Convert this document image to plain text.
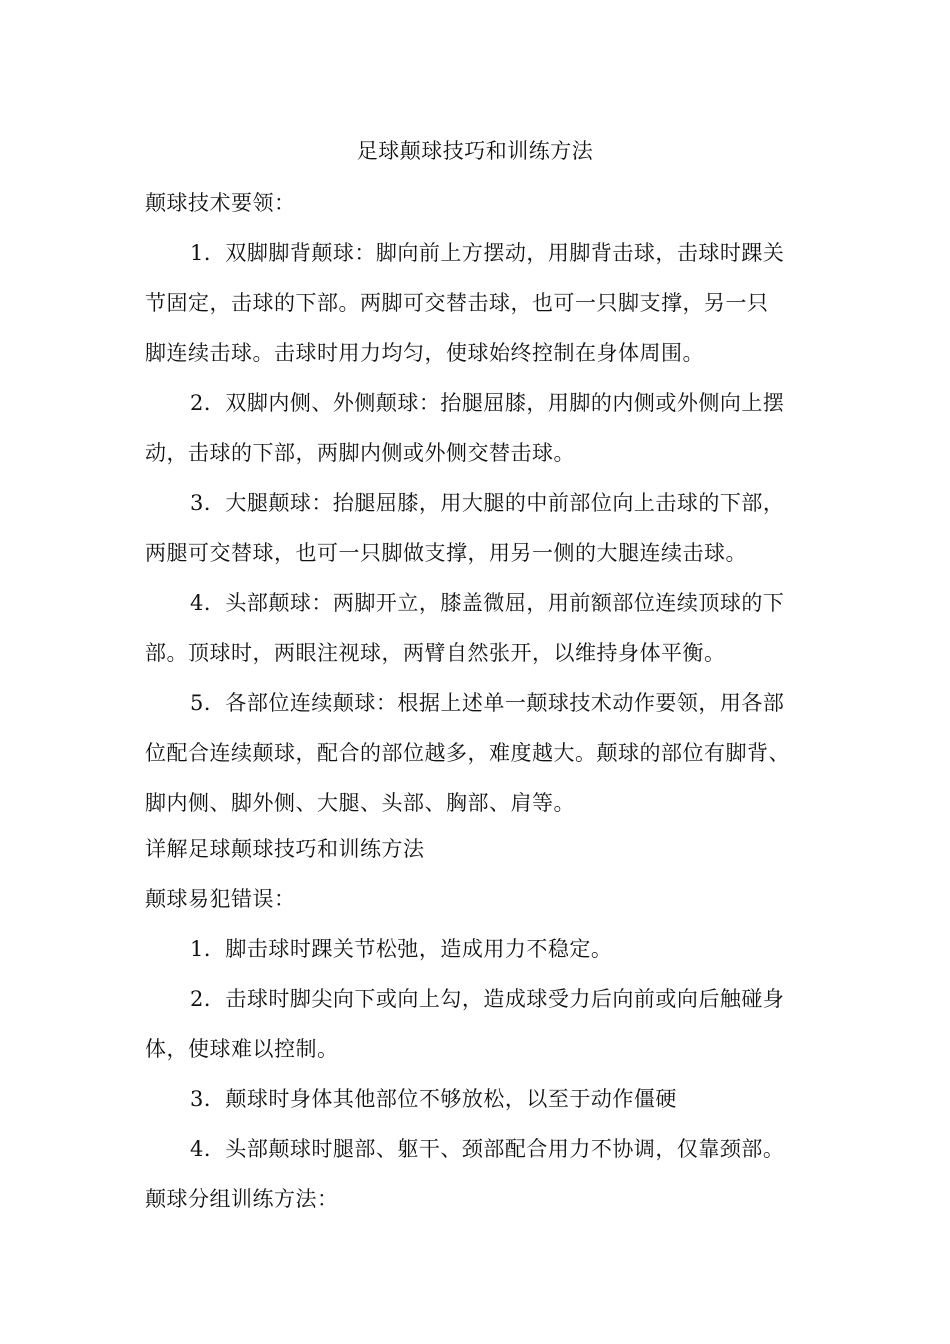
足球颠球技巧和训练方法
颠球技术要领：
1．双脚脚背颠球：脚向前上方摆动，用脚背击球，击球时踝关
节固定，击球的下部。两脚可交替击球，也可一只脚支撑，另一只
脚连续击球。击球时用力均匀，使球始终控制在身体周围。
2．双脚内侧、外侧颠球：抬腿屈膝，用脚的内侧或外侧向上摆
动，击球的下部，两脚内侧或外侧交替击球。
3．大腿颠球：抬腿屈膝，用大腿的中前部位向上击球的下部，
两腿可交替球，也可一只脚做支撑，用另一侧的大腿连续击球。
4．头部颠球：两脚开立，膝盖微屈，用前额部位连续顶球的下
部。顶球时，两眼注视球，两臂自然张开，以维持身体平衡。
5．各部位连续颠球：根据上述单一颠球技术动作要领，用各部
位配合连续颠球，配合的部位越多，难度越大。颠球的部位有脚背、
脚内侧、脚外侧、大腿、头部、胸部、肩等。
详解足球颠球技巧和训练方法
颠球易犯错误：
1．脚击球时踝关节松弛，造成用力不稳定。
2．击球时脚尖向下或向上勾，造成球受力后向前或向后触碰身
体，使球难以控制。
3．颠球时身体其他部位不够放松，以至于动作僵硬
4．头部颠球时腿部、躯干、颈部配合用力不协调，仅靠颈部。
颠球分组训练方法：
